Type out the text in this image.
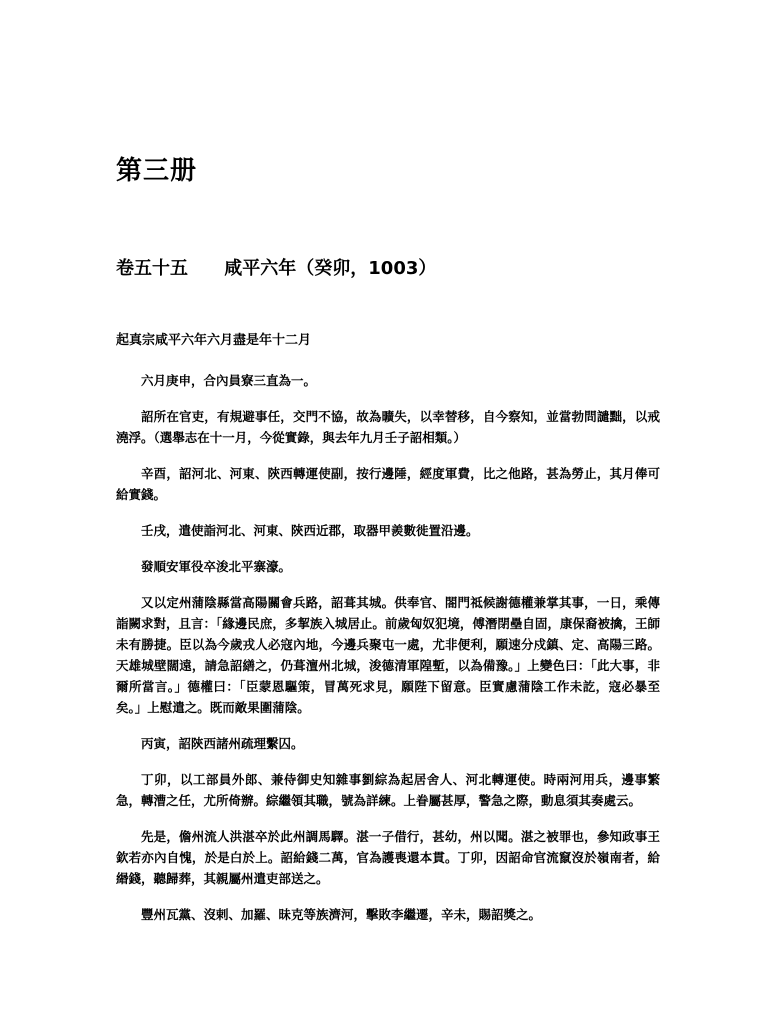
第三册
卷五十五 咸平六年（癸卯，1003）
起真宗咸平六年六月盡是年十二月

六月庚申，合內員寮三直為一。

詔所在官吏，有規避事任，交門不協，故為曠失，以幸替移，自今察知，並當勃問譴黜，以戒澆浮。（選舉志在十一月，今從實錄，與去年九月壬子詔相類。）

辛酉，詔河北、河東、陝西轉運使副，按行邊陲，經度軍費，比之他路，甚為勞止，其月俸可給實錢。

壬戌，遣使詣河北、河東、陝西近郡，取器甲羨數徙置沿邊。

發順安軍役卒浚北平寨濠。

又以定州蒲陰縣當高陽關會兵路，詔葺其城。供奉官、閤門祗候謝德權兼掌其事，一日，乘傳詣闕求對，且言：「緣邊民庶，多挈族入城居止。前歲匈奴犯境，傅潛閉壘自固，康保裔被擒，王師未有勝捷。臣以為今歲戎人必寇內地，今邊兵聚屯一處，尤非便利，願速分戍鎮、定、高陽三路。天雄城壁闊遠，請急詔繕之，仍葺澶州北城，浚德清軍隍塹，以為備豫。」上變色曰：「此大事，非爾所當言。」德權曰：「臣蒙恩驅策，冒萬死求見，願陛下留意。臣實慮蒲陰工作未訖，寇必暴至矣。」上慰遣之。既而敵果圍蒲陰。

丙寅，詔陝西諸州疏理繫囚。

丁卯，以工部員外郎、兼侍御史知雜事劉綜為起居舍人、河北轉運使。時兩河用兵，邊事繁急，轉漕之任，尤所倚辦。綜繼領其職，號為詳練。上眷屬甚厚，警急之際，動息須其奏處云。

先是，儋州流人洪湛卒於此州調馬驛。湛一子借行，甚幼，州以聞。湛之被罪也，參知政事王欽若亦內自愧，於是白於上。詔給錢二萬，官為護喪還本貫。丁卯，因詔命官流竄沒於嶺南者，給緡錢，聽歸葬，其親屬州遣吏部送之。

豐州瓦黨、沒剌、加羅、昧克等族濟河，擊敗李繼遷，辛未，賜詔獎之。
